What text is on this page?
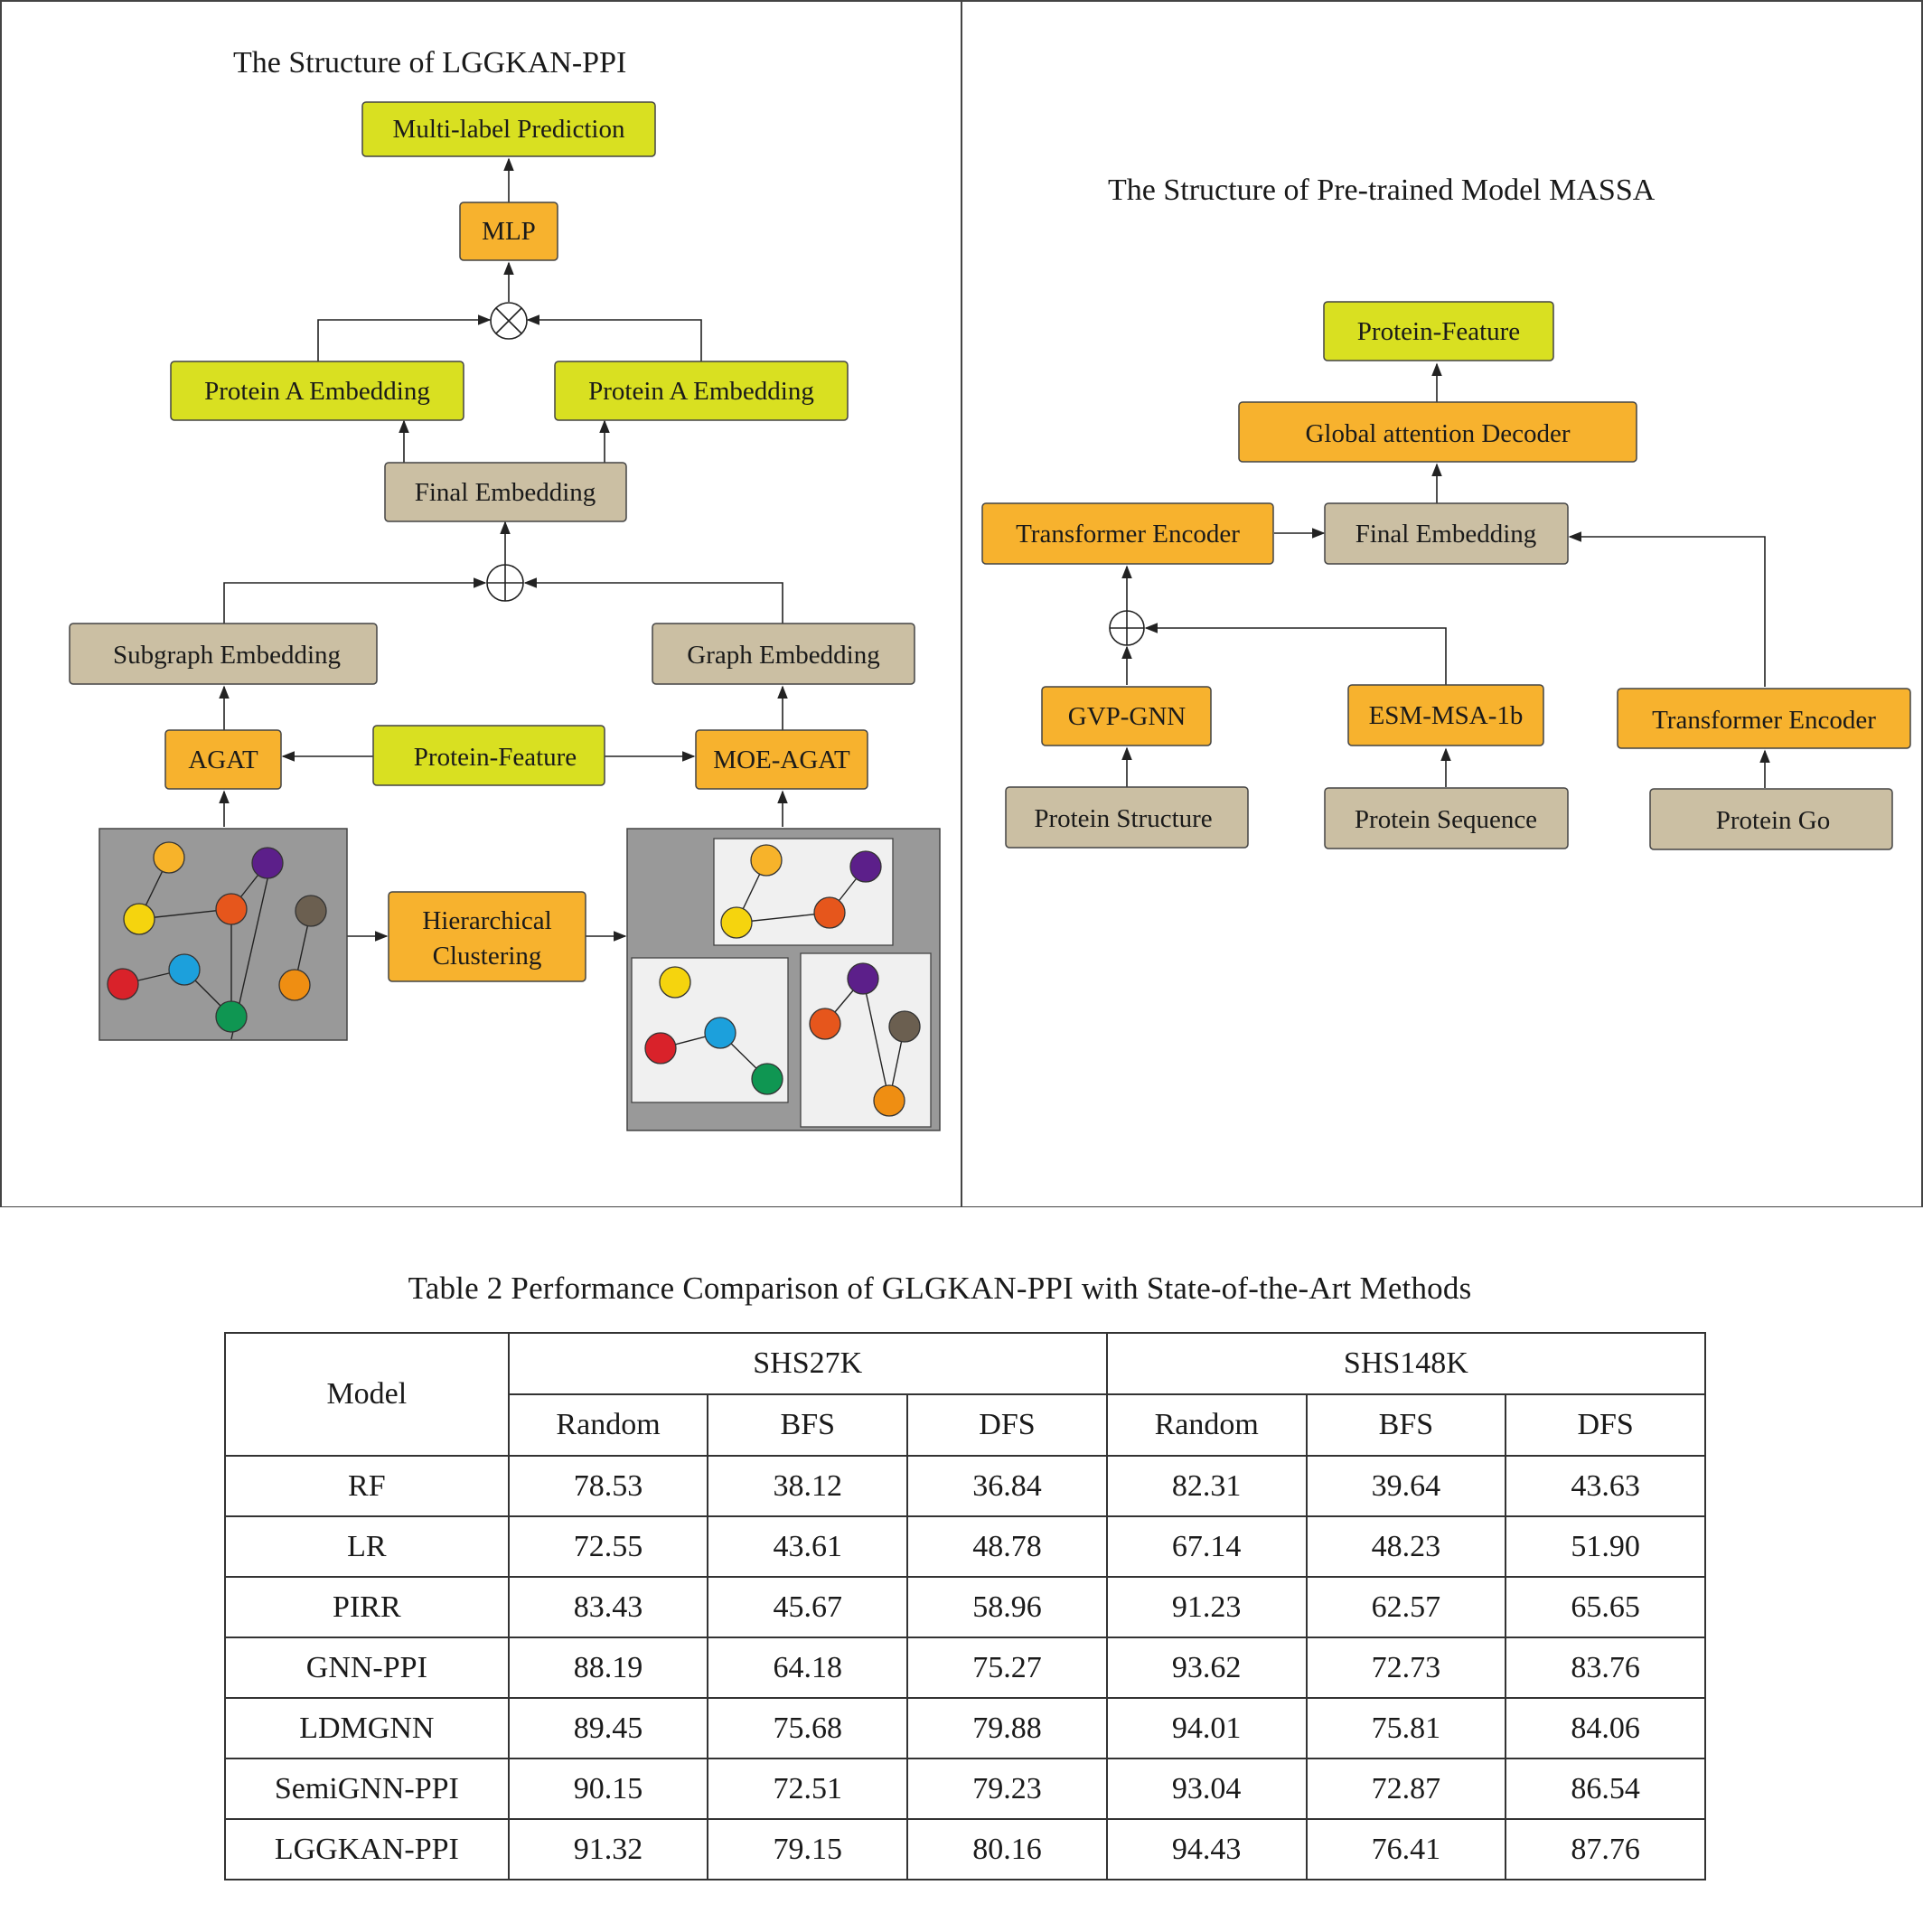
The Structure of LGGKAN-PPI
Multi-label Prediction
MLP
Protein A Embedding	Protein A Embedding
Final Embedding
Subgraph Embedding	Graph Embedding
AGAT	Protein-Feature	MOE-AGAT
Hierarchical
Clustering
The Structure of Pre-trained Model MASSA
Protein-Feature
Global attention Decoder
Transformer Encoder	Final Embedding
GVP-GNN	ESM-MSA-1b	Transformer Encoder
Protein Structure	Protein Sequence	Protein Go
Table 2 Performance Comparison of GLGKAN-PPI with State-of-the-Art Methods
Model	SHS27K			SHS148K		
	Random	BFS	DFS	Random	BFS	DFS
RF	78.53	38.12	36.84	82.31	39.64	43.63
LR	72.55	43.61	48.78	67.14	48.23	51.90
PIRR	83.43	45.67	58.96	91.23	62.57	65.65
GNN-PPI	88.19	64.18	75.27	93.62	72.73	83.76
LDMGNN	89.45	75.68	79.88	94.01	75.81	84.06
SemiGNN-PPI	90.15	72.51	79.23	93.04	72.87	86.54
LGGKAN-PPI	91.32	79.15	80.16	94.43	76.41	87.76
